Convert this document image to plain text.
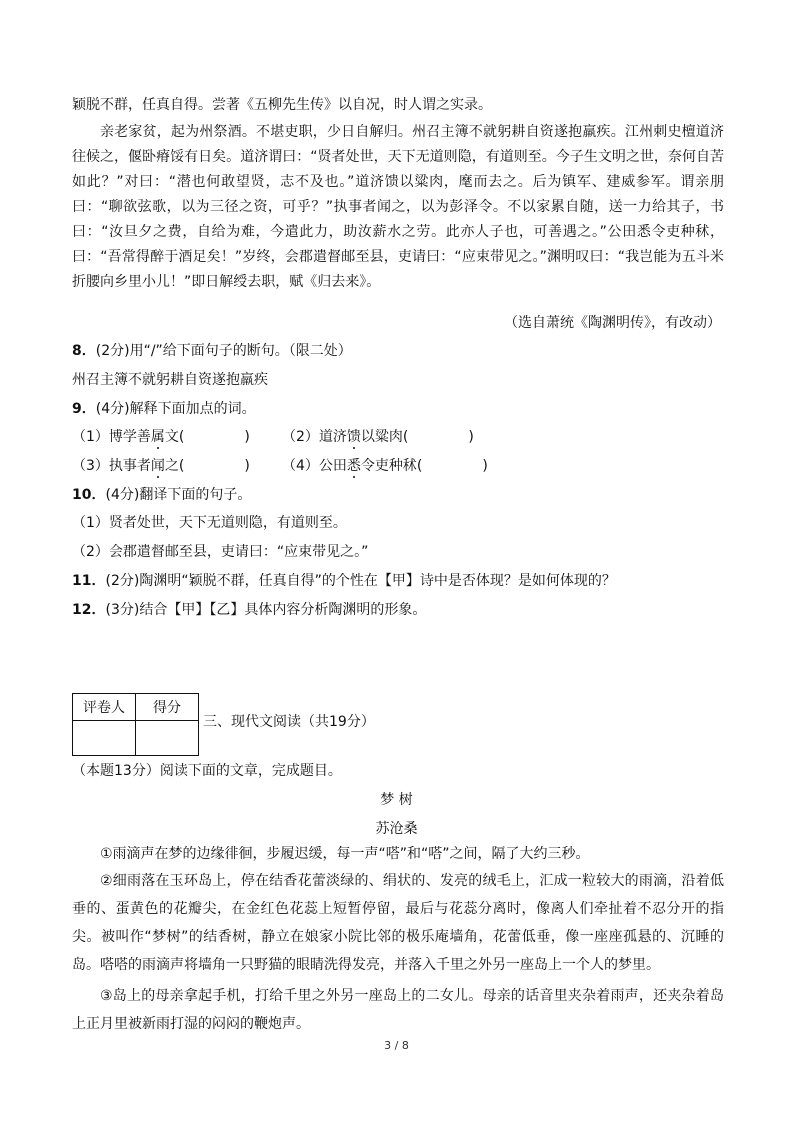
颖脱不群，任真自得。尝著《五柳先生传》以自况，时人谓之实录。
亲老家贫，起为州祭酒。不堪吏职，少日自解归。州召主簿不就躬耕自资遂抱羸疾。江州刺史檀道济往候之，偃卧瘠馁有日矣。道济谓曰：“贤者处世，天下无道则隐，有道则至。今子生文明之世，奈何自苦如此？”对曰：“潜也何敢望贤，志不及也。”道济馈以粱肉，麾而去之。后为镇军、建威参军。谓亲朋曰：“聊欲弦歌，以为三径之资，可乎？”执事者闻之，以为彭泽令。不以家累自随，送一力给其子，书曰：“汝旦夕之费，自给为难，今遣此力，助汝薪水之劳。此亦人子也，可善遇之。”公田悉令吏种秫，曰：“吾常得醉于酒足矣！”岁终，会郡遣督邮至县，吏请曰：“应束带见之。”渊明叹曰：“我岂能为五斗米折腰向乡里小儿！”即日解绶去职，赋《归去来》。
（选自萧统《陶渊明传》，有改动）
8．(2分)用“/”给下面句子的断句。（限二处）
州召主簿不就躬耕自资遂抱羸疾
9．(4分)解释下面加点的词。
（1）博学善属文(	) （2）道济馈以粱肉(	)
（3）执事者闻之(	) （4）公田悉令吏种秫(	)
10．(4分)翻译下面的句子。
（1）贤者处世，天下无道则隐，有道则至。
（2）会郡遣督邮至县，吏请曰：“应束带见之。”
11．(2分)陶渊明“颖脱不群，任真自得”的个性在【甲】诗中是否体现？是如何体现的？
12．(3分)结合【甲】【乙】具体内容分析陶渊明的形象。
评卷人	得分

三、现代文阅读（共19分）
（本题13分）阅读下面的文章，完成题目。
梦 树
苏沧桑
①雨滴声在梦的边缘徘徊，步履迟缓，每一声“嗒”和“嗒”之间，隔了大约三秒。
②细雨落在玉环岛上，停在结香花蕾淡绿的、绢状的、发亮的绒毛上，汇成一粒较大的雨滴，沿着低垂的、蛋黄色的花瓣尖，在金红色花蕊上短暂停留，最后与花蕊分离时，像离人们牵扯着不忍分开的指尖。被叫作“梦树”的结香树，静立在娘家小院比邻的极乐庵墙角，花蕾低垂，像一座座孤悬的、沉睡的岛。嗒嗒的雨滴声将墙角一只野猫的眼睛洗得发亮，并落入千里之外另一座岛上一个人的梦里。
③岛上的母亲拿起手机，打给千里之外另一座岛上的二女儿。母亲的话音里夹杂着雨声，还夹杂着岛上正月里被新雨打湿的闷闷的鞭炮声。
3 / 8
